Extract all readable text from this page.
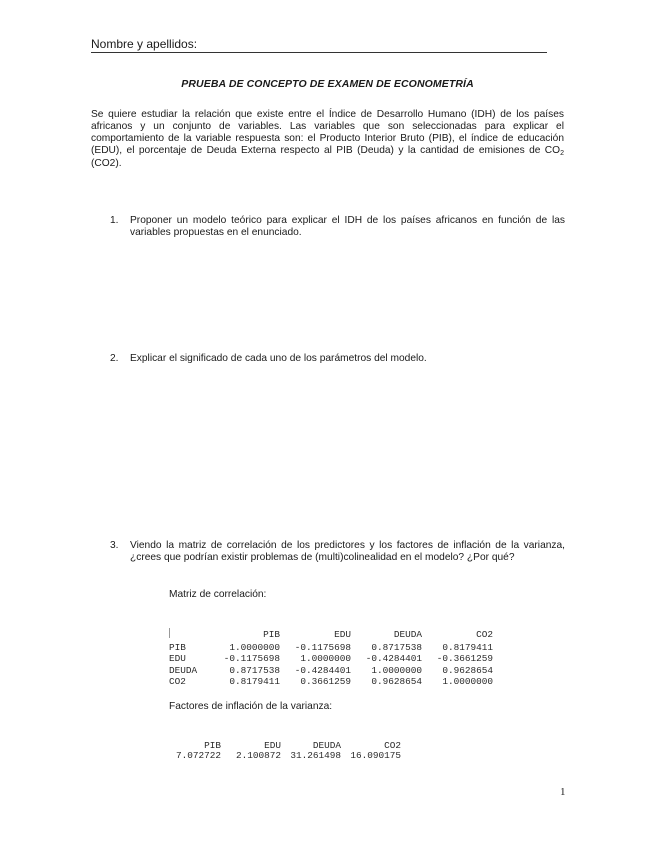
Nombre y apellidos:
PRUEBA DE CONCEPTO DE EXAMEN DE ECONOMETRÍA
Se quiere estudiar la relación que existe entre el Índice de Desarrollo Humano (IDH) de los países africanos y un conjunto de variables. Las variables que son seleccionadas para explicar el comportamiento de la variable respuesta son: el Producto Interior Bruto (PIB), el índice de educación (EDU), el porcentaje de Deuda Externa respecto al PIB (Deuda) y la cantidad de emisiones de $CO_2$ (CO2).
1.	Proponer un modelo teórico para explicar el IDH de los países africanos en función de las variables propuestas en el enunciado.
2.	Explicar el significado de cada uno de los parámetros del modelo.
3.	Viendo la matriz de correlación de los predictores y los factores de inflación de la varianza, ¿crees que podrían existir problemas de (multi)colinealidad en el modelo? ¿Por qué?
Matriz de correlación:

	PIB	EDU	DEUDA	CO2
PIB	1.0000000	-0.1175698	0.8717538	0.8179411
EDU	-0.1175698	1.0000000	-0.4284401	-0.3661259
DEUDA	0.8717538	-0.4284401	1.0000000	0.9628654
CO2	0.8179411	0.3661259	0.9628654	1.0000000

Factores de inflación de la varianza:

PIB	EDU	DEUDA	CO2
7.072722	2.100872	31.261498	16.090175

1
